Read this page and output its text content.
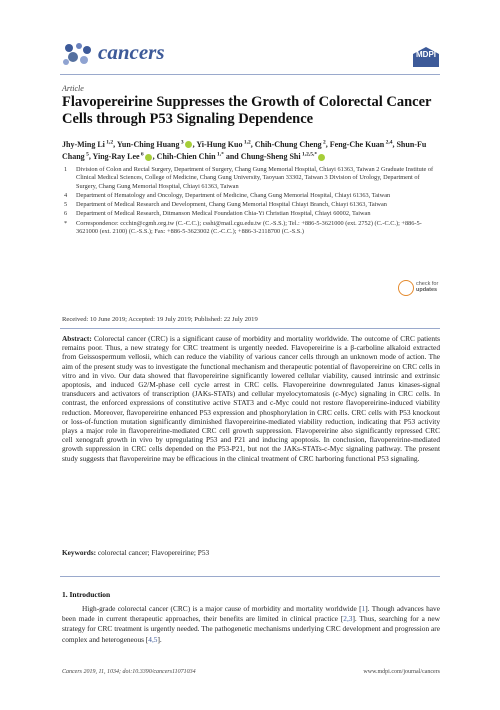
cancers	MDPI
Article
Flavopereirine Suppresses the Growth of Colorectal Cancer Cells through P53 Signaling Dependence
Jhy-Ming Li $^{1,2}$, Yun-Ching Huang $^3$ , Yi-Hung Kuo $^{1,2}$, Chih-Chung Cheng $^2$, Feng-Che Kuan $^{2,4}$, Shun-Fu Chang $^5$, Ying-Ray Lee $^6$ , Chih-Chien Chin $^{1,*}$ and Chung-Sheng Shi $^{1,2,5,*}$
1	Division of Colon and Rectal Surgery, Department of Surgery, Chang Gung Memorial Hospital, Chiayi 61363, Taiwan 2 Graduate Institute of Clinical Medical Sciences, College of Medicine, Chang Gung University, Taoyuan 33302, Taiwan 3 Division of Urology, Department of Surgery, Chang Gung Memorial Hospital, Chiayi 61363, Taiwan
4	Department of Hematology and Oncology, Department of Medicine, Chang Gung Memorial Hospital, Chiayi 61363, Taiwan
5	Department of Medical Research and Development, Chang Gung Memorial Hospital Chiayi Branch, Chiayi 61363, Taiwan
6	Department of Medical Research, Ditmanson Medical Foundation Chia-Yi Christian Hospital, Chiayi 60002, Taiwan
*	Correspondence: ccchin@cgmh.org.tw (C.-C.C.); csshi@mail.cgu.edu.tw (C.-S.S.); Tel.: +886-5-3621000 (ext. 2752) (C.-C.C.); +886-5-3621000 (ext. 2100) (C.-S.S.); Fax: +886-5-3623002 (C.-C.C.); +886-3-2118700 (C.-S.S.)
check for
updates
Received: 10 June 2019; Accepted: 19 July 2019; Published: 22 July 2019
Abstract: Colorectal cancer (CRC) is a significant cause of morbidity and mortality worldwide. The outcome of CRC patients remains poor. Thus, a new strategy for CRC treatment is urgently needed. Flavopereirine is a β-carboline alkaloid extracted from Geissospermum vellosii, which can reduce the viability of various cancer cells through an unknown mode of action. The aim of the present study was to investigate the functional mechanism and therapeutic potential of flavopereirine on CRC cells in vitro and in vivo. Our data showed that flavopereirine significantly lowered cellular viability, caused intrinsic and extrinsic apoptosis, and induced G2/M-phase cell cycle arrest in CRC cells. Flavopereirine downregulated Janus kinases-signal transducers and activators of transcription (JAKs-STATs) and cellular myelocytomatosis (c-Myc) signaling in CRC cells. In contrast, the enforced expressions of constitutive active STAT3 and c-Myc could not restore flavopereirine-induced viability reduction. Moreover, flavopereirine enhanced P53 expression and phosphorylation in CRC cells. CRC cells with P53 knockout or loss-of-function mutation significantly diminished flavopereirine-mediated viability reduction, indicating that P53 activity plays a major role in flavopereirine-mediated CRC cell growth suppression. Flavopereirine also significantly repressed CRC cell xenograft growth in vivo by upregulating P53 and P21 and inducing apoptosis. In conclusion, flavopereirine-mediated growth suppression in CRC cells depended on the P53-P21, but not the JAKs-STATs-c-Myc signaling pathway. The present study suggests that flavopereirine may be efficacious in the clinical treatment of CRC harboring functional P53 signaling.
Keywords: colorectal cancer; Flavopereirine; P53
1. Introduction
High-grade colorectal cancer (CRC) is a major cause of morbidity and mortality worldwide [1]. Though advances have been made in current therapeutic approaches, their benefits are limited in clinical practice [2,3]. Thus, searching for a new strategy for CRC treatment is urgently needed. The pathogenetic mechanisms underlying CRC development and progression are complex and heterogeneous [4,5].
Cancers 2019, 11, 1034; doi:10.3390/cancers11071034	www.mdpi.com/journal/cancers
